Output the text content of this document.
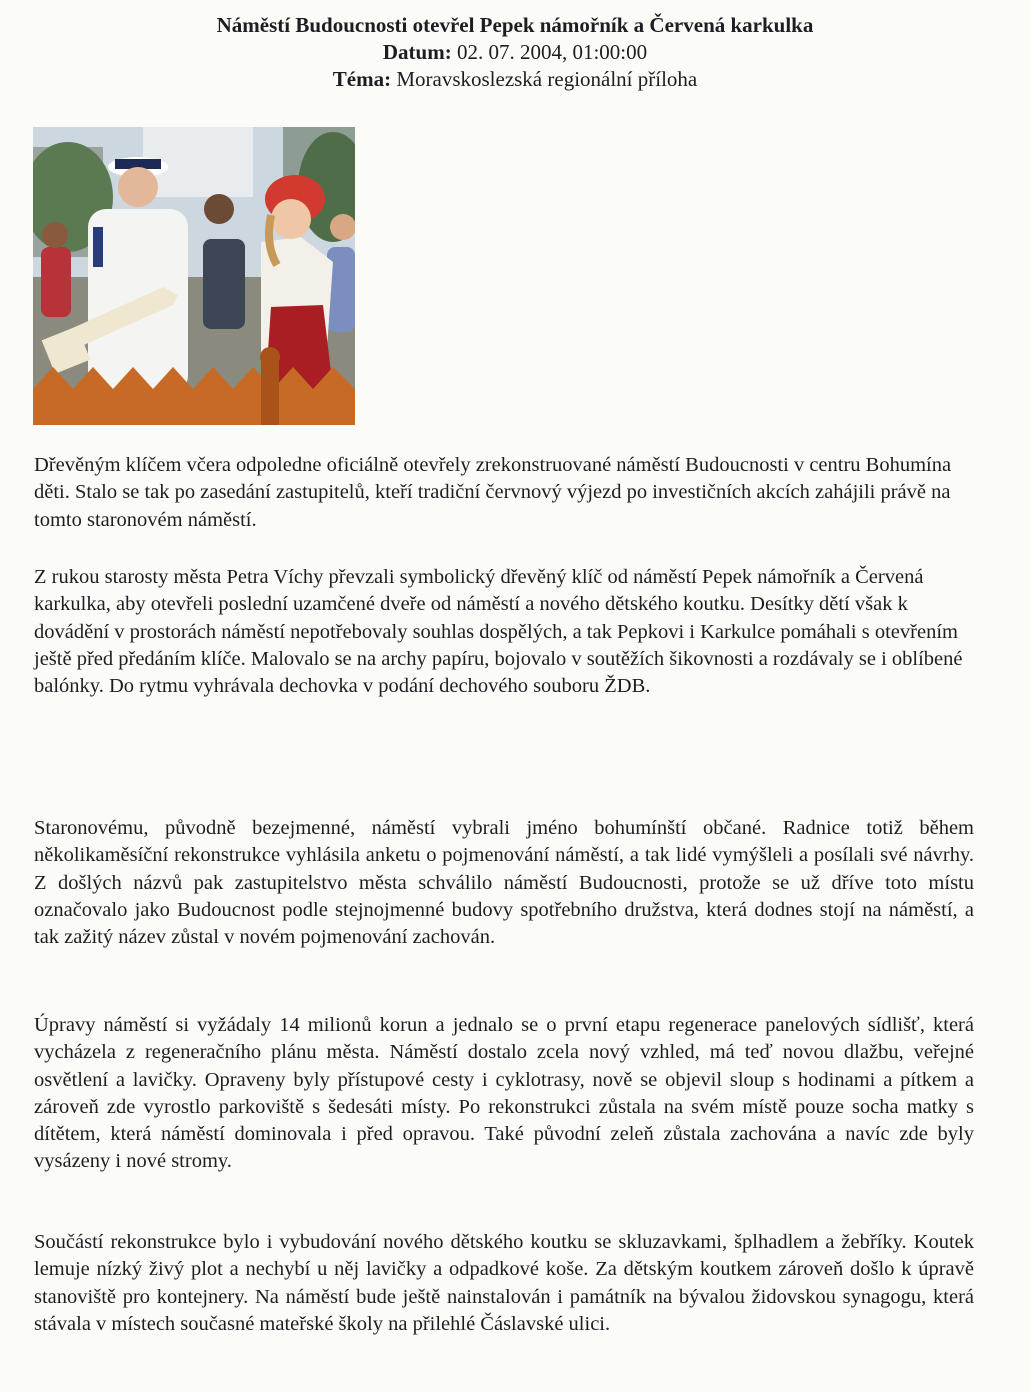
Náměstí Budoucnosti otevřel Pepek námořník a Červená karkulka
Datum: 02. 07. 2004, 01:00:00
Téma: Moravskoslezská regionální příloha

Dřevěným klíčem včera odpoledne oficiálně otevřely zrekonstruované náměstí Budoucnosti v centru Bohumína děti. Stalo se tak po zasedání zastupitelů, kteří tradiční červnový výjezd po investičních akcích zahájili právě na tomto staronovém náměstí.

Z rukou starosty města Petra Víchy převzali symbolický dřevěný klíč od náměstí Pepek námořník a Červená karkulka, aby otevřeli poslední uzamčené dveře od náměstí a nového dětského koutku. Desítky dětí však k dovádění v prostorách náměstí nepotřebovaly souhlas dospělých, a tak Pepkovi i Karkulce pomáhali s otevřením ještě před předáním klíče. Malovalo se na archy papíru, bojovalo v soutěžích šikovnosti a rozdávaly se i oblíbené balónky. Do rytmu vyhrávala dechovka v podání dechového souboru ŽDB.

Staronovému, původně bezejmenné, náměstí vybrali jméno bohumínští občané. Radnice totiž během několikaměsíční rekonstrukce vyhlásila anketu o pojmenování náměstí, a tak lidé vymýšleli a posílali své návrhy. Z došlých názvů pak zastupitelstvo města schválilo náměstí Budoucnosti, protože se už dříve toto místu označovalo jako Budoucnost podle stejnojmenné budovy spotřebního družstva, která dodnes stojí na náměstí, a tak zažitý název zůstal v novém pojmenování zachován.

Úpravy náměstí si vyžádaly 14 milionů korun a jednalo se o první etapu regenerace panelových sídlišť, která vycházela z regeneračního plánu města. Náměstí dostalo zcela nový vzhled, má teď novou dlažbu, veřejné osvětlení a lavičky. Opraveny byly přístupové cesty i cyklotrasy, nově se objevil sloup s hodinami a pítkem a zároveň zde vyrostlo parkoviště s šedesáti místy. Po rekonstrukci zůstala na svém místě pouze socha matky s dítětem, která náměstí dominovala i před opravou. Také původní zeleň zůstala zachována a navíc zde byly vysázeny i nové stromy.

Součástí rekonstrukce bylo i vybudování nového dětského koutku se skluzavkami, šplhadlem a žebříky. Koutek lemuje nízký živý plot a nechybí u něj lavičky a odpadkové koše. Za dětským koutkem zároveň došlo k úpravě stanoviště pro kontejnery. Na náměstí bude ještě nainstalován i památník na bývalou židovskou synagogu, která stávala v místech současné mateřské školy na přilehlé Čáslavské ulici.
